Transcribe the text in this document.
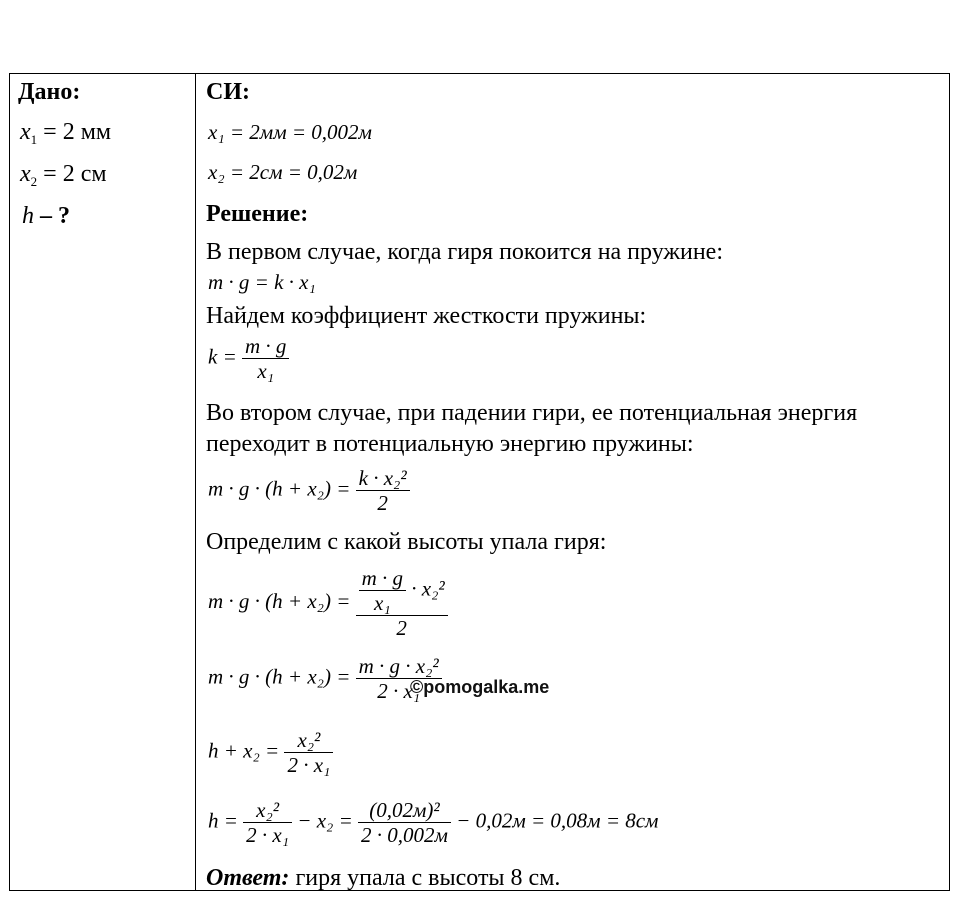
Дано:
$x_1 = 2$ мм
$x_2 = 2$ см
h – ?
СИ:
x₁ = 2мм = 0,002м
x₂ = 2см = 0,02м
Решение:
В первом случае, когда гиря покоится на пружине:
m · g = k · x₁
Найдем коэффициент жесткости пружины:
$k = \frac{m \cdot g}{\text{x₁}}$
Во втором случае, при падении гири, ее потенциальная энергия
переходит в потенциальную энергию пружины:
$m \cdot g \cdot (h + x_2) = \frac{\text{k · x₂²}}{2}$
Определим с какой высоты упала гиря:
$m \cdot g \cdot (h + x_2) = \frac{\frac{m \cdot g}{\text{x₁}} \cdot x_2^2}{2}$
$m \cdot g \cdot (h + x_2) = \frac{\text{m · g · x₂²}}{\text{2 · x₁}}$
$h + x_2 = \frac{\text{x₂²}}{\text{2 · x₁}}$
$h = \frac{\text{x₂²}}{\text{2 · x₁}} - x_2 = \frac{\text{(0,02м)²}}{2 \cdot 0,002м} - 0,02м = 0,08м = 8см$
Ответ: гиря упала с высоты 8 см.
©pomogalka.me
